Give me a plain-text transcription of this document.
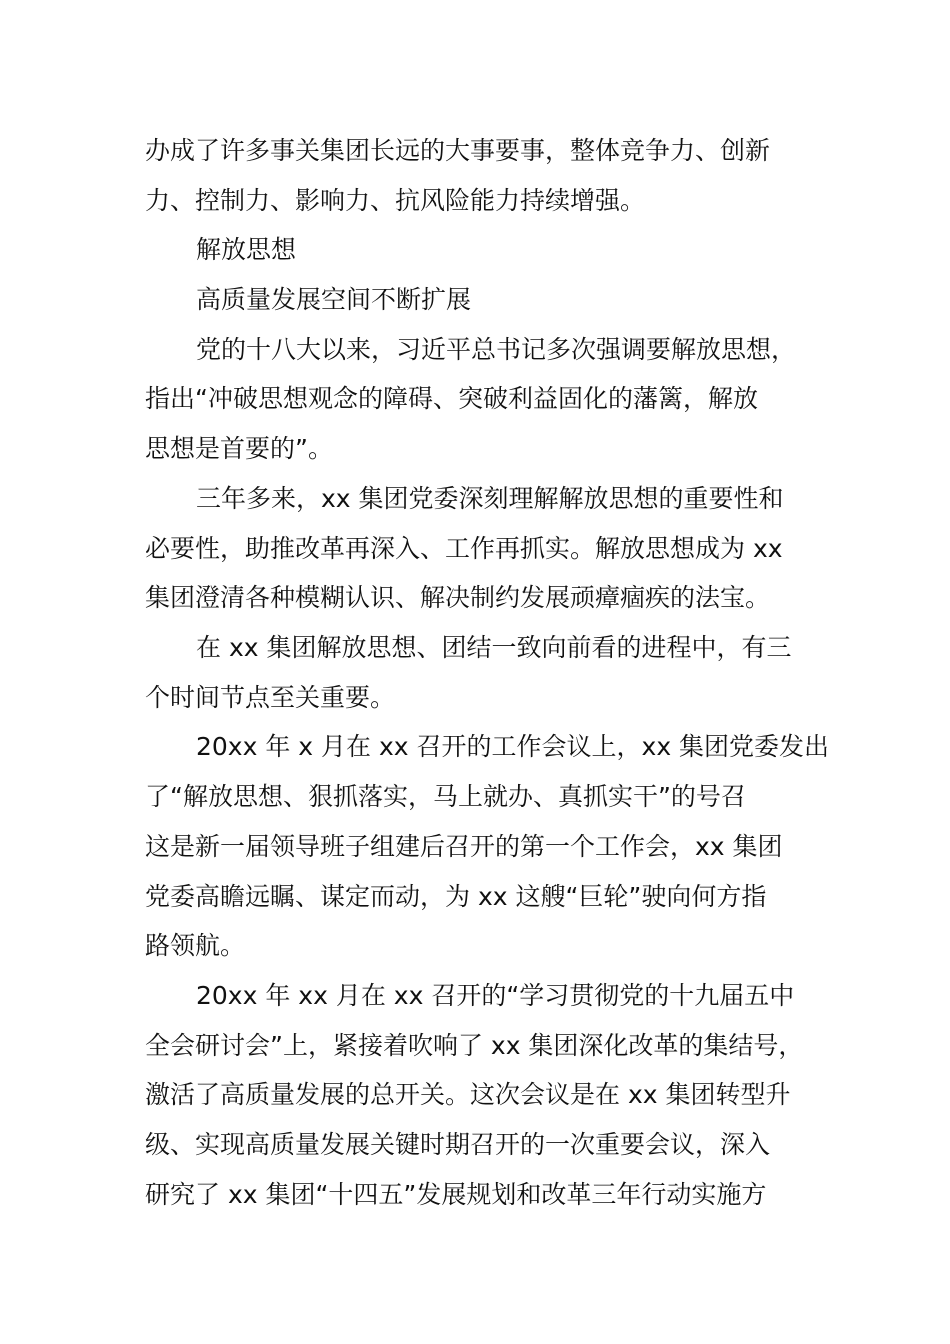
办成了许多事关集团长远的大事要事，整体竞争力、创新
力、控制力、影响力、抗风险能力持续增强。
解放思想
高质量发展空间不断扩展
党的十八大以来，习近平总书记多次强调要解放思想，
指出“冲破思想观念的障碍、突破利益固化的藩篱，解放
思想是首要的”。
三年多来，xx 集团党委深刻理解解放思想的重要性和
必要性，助推改革再深入、工作再抓实。解放思想成为 xx
集团澄清各种模糊认识、解决制约发展顽瘴痼疾的法宝。
在 xx 集团解放思想、团结一致向前看的进程中，有三
个时间节点至关重要。
20xx 年 x 月在 xx 召开的工作会议上，xx 集团党委发出
了“解放思想、狠抓落实，马上就办、真抓实干”的号召
这是新一届领导班子组建后召开的第一个工作会，xx 集团
党委高瞻远瞩、谋定而动，为 xx 这艘“巨轮”驶向何方指
路领航。
20xx 年 xx 月在 xx 召开的“学习贯彻党的十九届五中
全会研讨会”上，紧接着吹响了 xx 集团深化改革的集结号，
激活了高质量发展的总开关。这次会议是在 xx 集团转型升
级、实现高质量发展关键时期召开的一次重要会议，深入
研究了 xx 集团“十四五”发展规划和改革三年行动实施方
